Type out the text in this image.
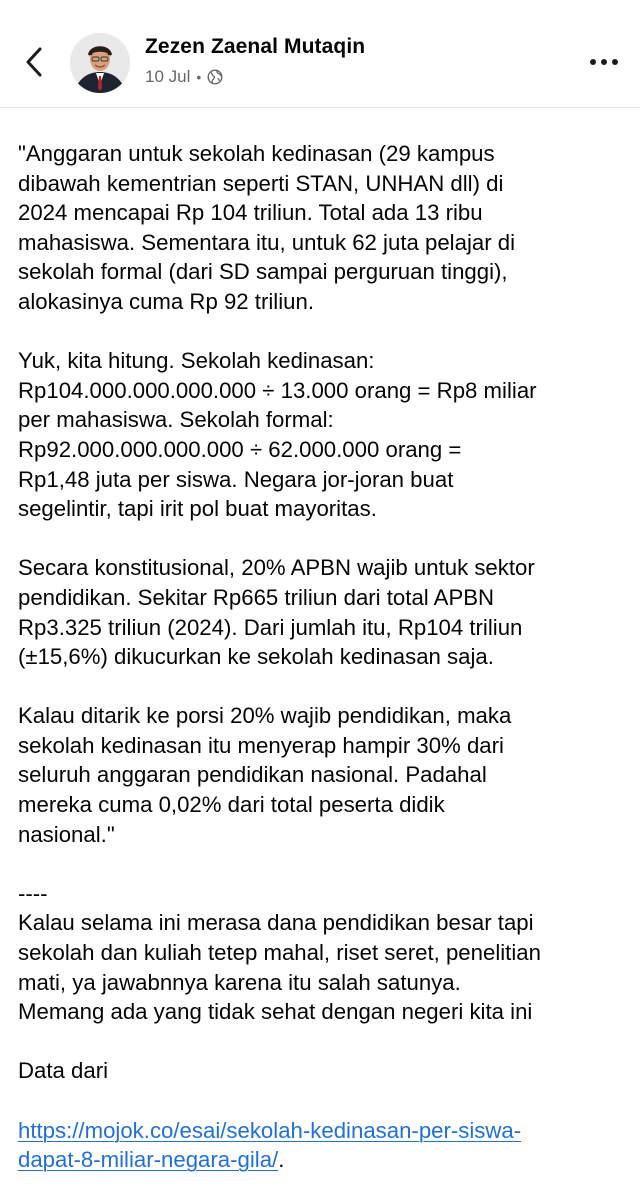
Zezen Zaenal Mutaqin
10 Jul •

"Anggaran untuk sekolah kedinasan (29 kampus

dibawah kementrian seperti STAN, UNHAN dll) di

2024 mencapai Rp 104 triliun. Total ada 13 ribu

mahasiswa. Sementara itu, untuk 62 juta pelajar di

sekolah formal (dari SD sampai perguruan tinggi),

alokasinya cuma Rp 92 triliun.

Yuk, kita hitung. Sekolah kedinasan:

Rp104.000.000.000.000 ÷ 13.000 orang = Rp8 miliar

per mahasiswa. Sekolah formal:

Rp92.000.000.000.000 ÷ 62.000.000 orang =

Rp1,48 juta per siswa. Negara jor-joran buat

segelintir, tapi irit pol buat mayoritas.

Secara konstitusional, 20% APBN wajib untuk sektor

pendidikan. Sekitar Rp665 triliun dari total APBN

Rp3.325 triliun (2024). Dari jumlah itu, Rp104 triliun

(±15,6%) dikucurkan ke sekolah kedinasan saja.

Kalau ditarik ke porsi 20% wajib pendidikan, maka

sekolah kedinasan itu menyerap hampir 30% dari

seluruh anggaran pendidikan nasional. Padahal

mereka cuma 0,02% dari total peserta didik

nasional."

----

Kalau selama ini merasa dana pendidikan besar tapi

sekolah dan kuliah tetep mahal, riset seret, penelitian

mati, ya jawabnnya karena itu salah satunya.

Memang ada yang tidak sehat dengan negeri kita ini

Data dari

https://mojok.co/esai/sekolah-kedinasan-per-siswa-

dapat-8-miliar-negara-gila/.
